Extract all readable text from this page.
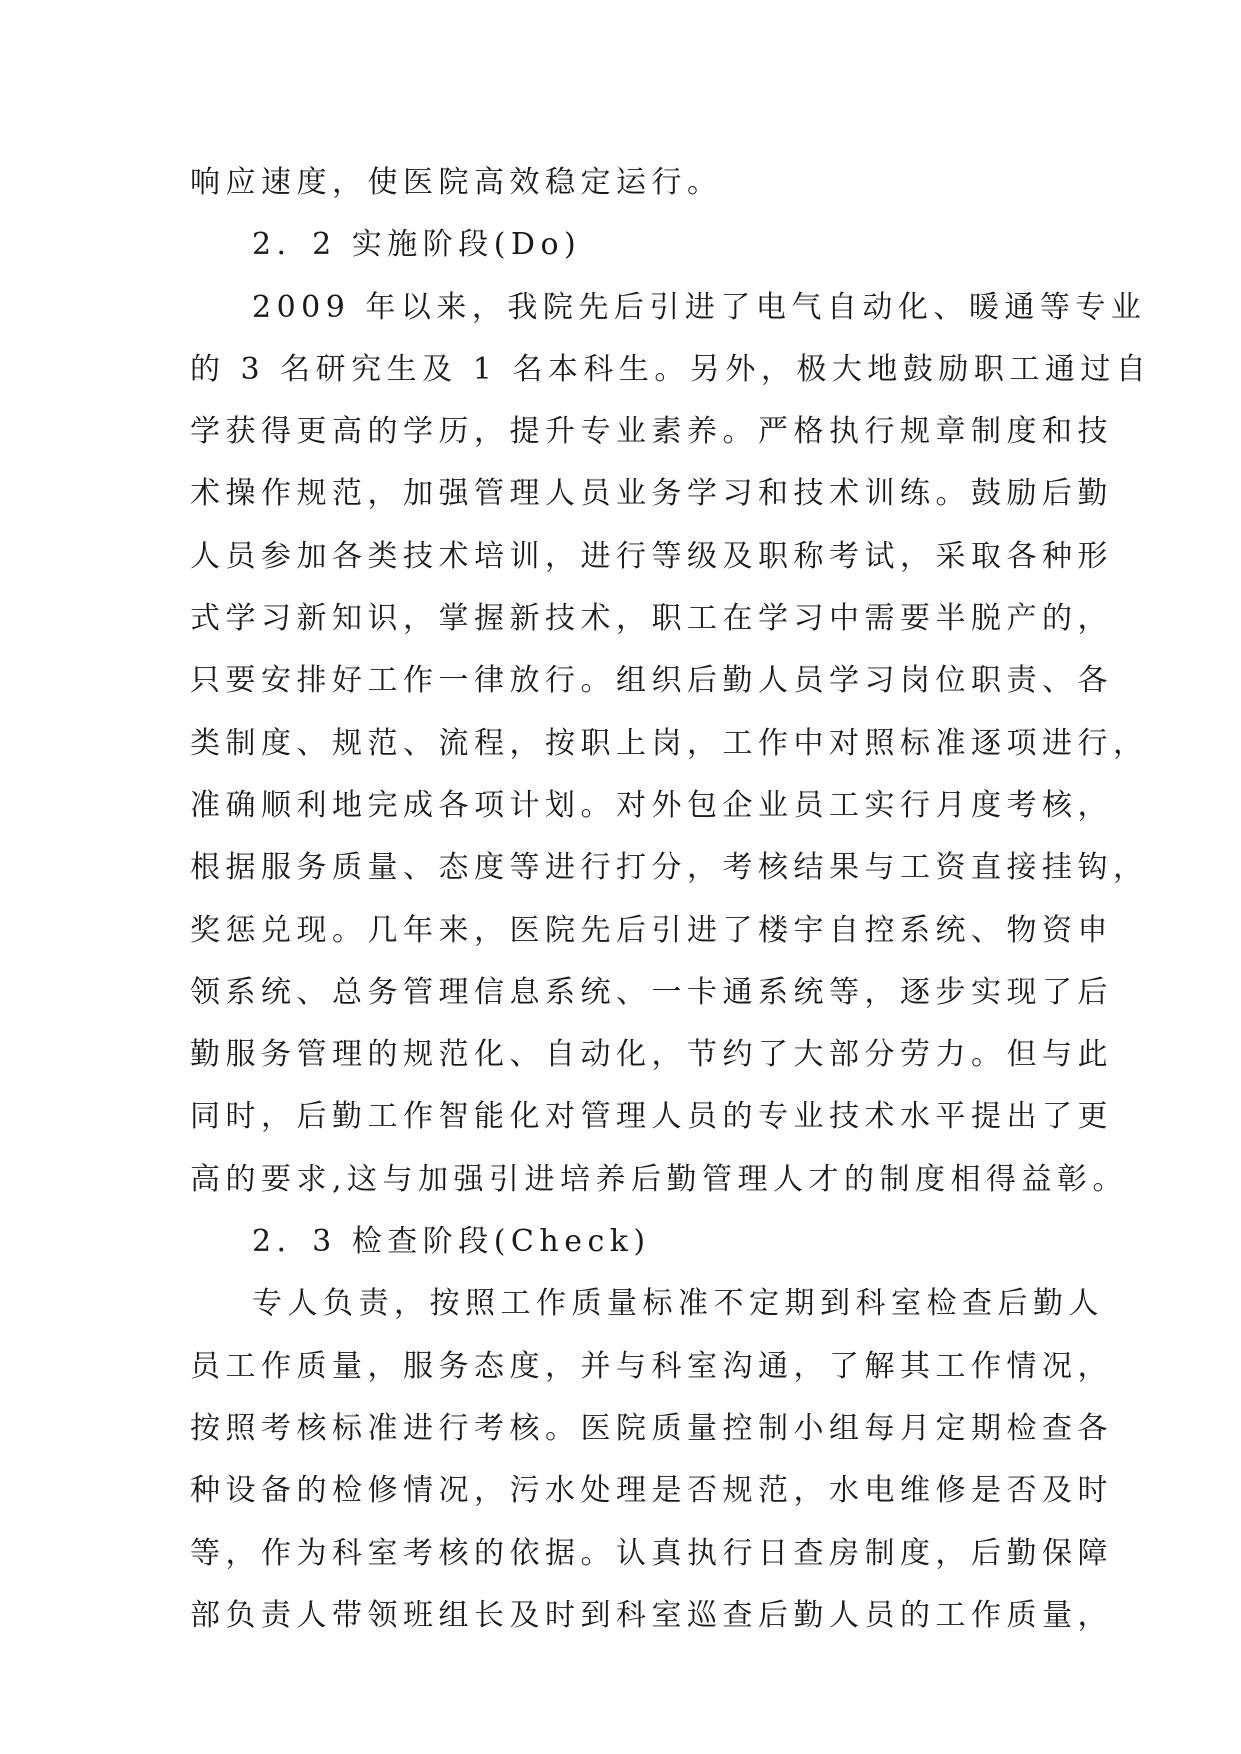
响应速度，使医院高效稳定运行。
2．2 实施阶段(Do)
2009 年以来，我院先后引进了电气自动化、暖通等专业
的 3 名研究生及 1 名本科生。另外，极大地鼓励职工通过自
学获得更高的学历，提升专业素养。严格执行规章制度和技
术操作规范，加强管理人员业务学习和技术训练。鼓励后勤
人员参加各类技术培训，进行等级及职称考试，采取各种形
式学习新知识，掌握新技术，职工在学习中需要半脱产的，
只要安排好工作一律放行。组织后勤人员学习岗位职责、各
类制度、规范、流程，按职上岗，工作中对照标准逐项进行，
准确顺利地完成各项计划。对外包企业员工实行月度考核，
根据服务质量、态度等进行打分，考核结果与工资直接挂钩，
奖惩兑现。几年来，医院先后引进了楼宇自控系统、物资申
领系统、总务管理信息系统、一卡通系统等，逐步实现了后
勤服务管理的规范化、自动化，节约了大部分劳力。但与此
同时，后勤工作智能化对管理人员的专业技术水平提出了更
高的要求,这与加强引进培养后勤管理人才的制度相得益彰。
2．3 检查阶段(Check)
专人负责，按照工作质量标准不定期到科室检查后勤人
员工作质量，服务态度，并与科室沟通，了解其工作情况，
按照考核标准进行考核。医院质量控制小组每月定期检查各
种设备的检修情况，污水处理是否规范，水电维修是否及时
等，作为科室考核的依据。认真执行日查房制度，后勤保障
部负责人带领班组长及时到科室巡查后勤人员的工作质量，
